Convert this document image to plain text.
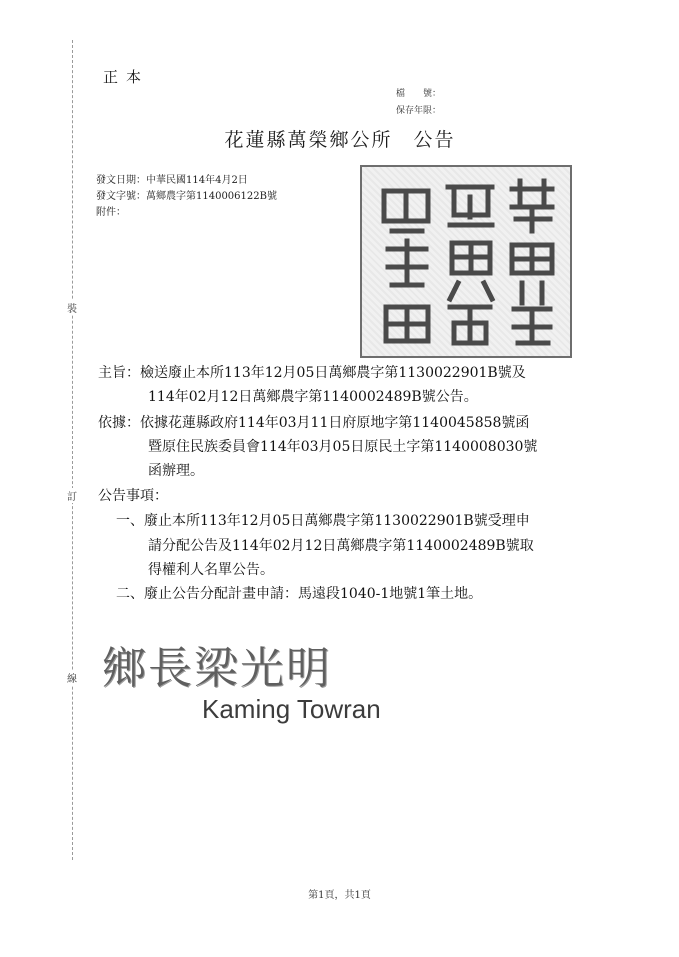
裝
訂
線
正本
檔　　號：
保存年限：
花蓮縣萬榮鄉公所　公告
發文日期：中華民國114年4月2日
發文字號：萬鄉農字第1140006122B號
附件：
主旨：檢送廢止本所113年12月05日萬鄉農字第1130022901B號及
114年02月12日萬鄉農字第1140002489B號公告。
依據：依據花蓮縣政府114年03月11日府原地字第1140045858號函
暨原住民族委員會114年03月05日原民土字第1140008030號
函辦理。
公告事項：
一、廢止本所113年12月05日萬鄉農字第1130022901B號受理申
請分配公告及114年02月12日萬鄉農字第1140002489B號取
得權利人名單公告。
二、廢止公告分配計畫申請：馬遠段1040-1地號1筆土地。
鄉長梁光明
Kaming Towran
第1頁，共1頁
